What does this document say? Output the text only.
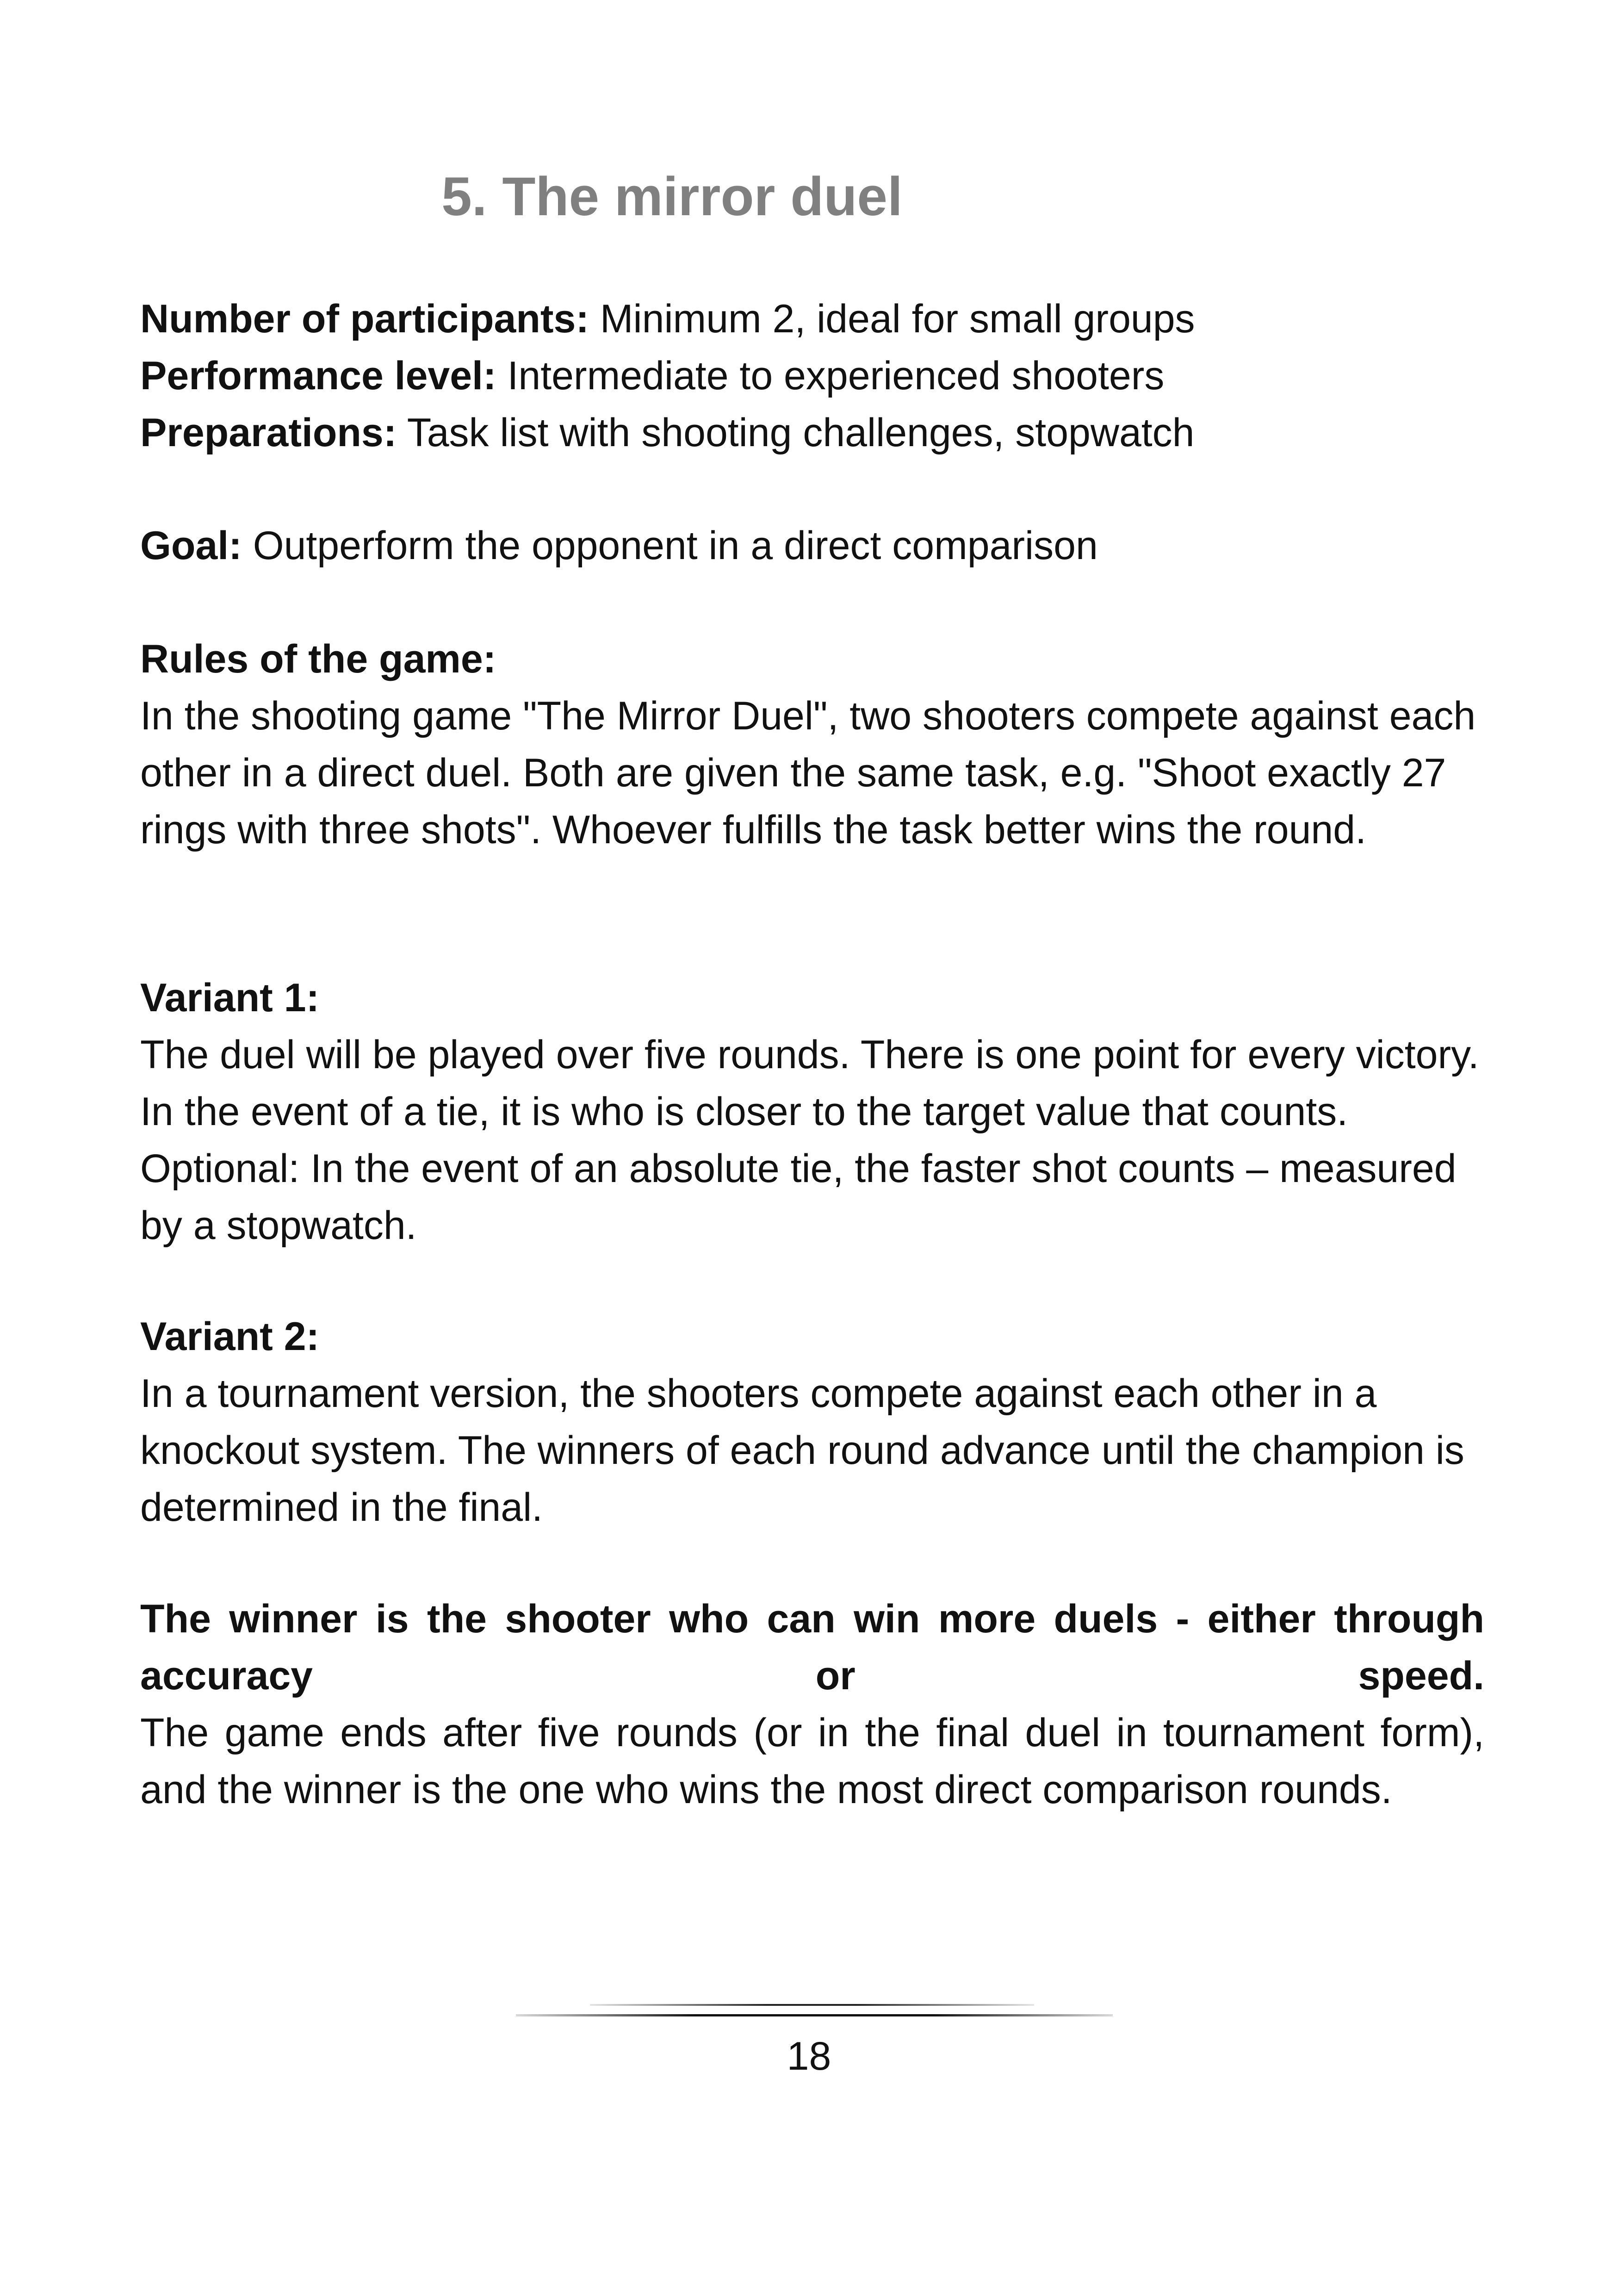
5. The mirror duel
Number of participants: Minimum 2, ideal for small groups
Performance level: Intermediate to experienced shooters
Preparations: Task list with shooting challenges, stopwatch
Goal: Outperform the opponent in a direct comparison
Rules of the game:
In the shooting game "The Mirror Duel", two shooters compete against each other in a direct duel. Both are given the same task, e.g. "Shoot exactly 27 rings with three shots". Whoever fulfills the task better wins the round.
Variant 1:
The duel will be played over five rounds. There is one point for every victory. In the event of a tie, it is who is closer to the target value that counts. Optional: In the event of an absolute tie, the faster shot counts – measured by a stopwatch.
Variant 2:
In a tournament version, the shooters compete against each other in a knockout system. The winners of each round advance until the champion is determined in the final.
The winner is the shooter who can win more duels - either through
accuracy	or	speed.
The game ends after five rounds (or in the final duel in tournament form), and the winner is the one who wins the most direct comparison rounds.
18
